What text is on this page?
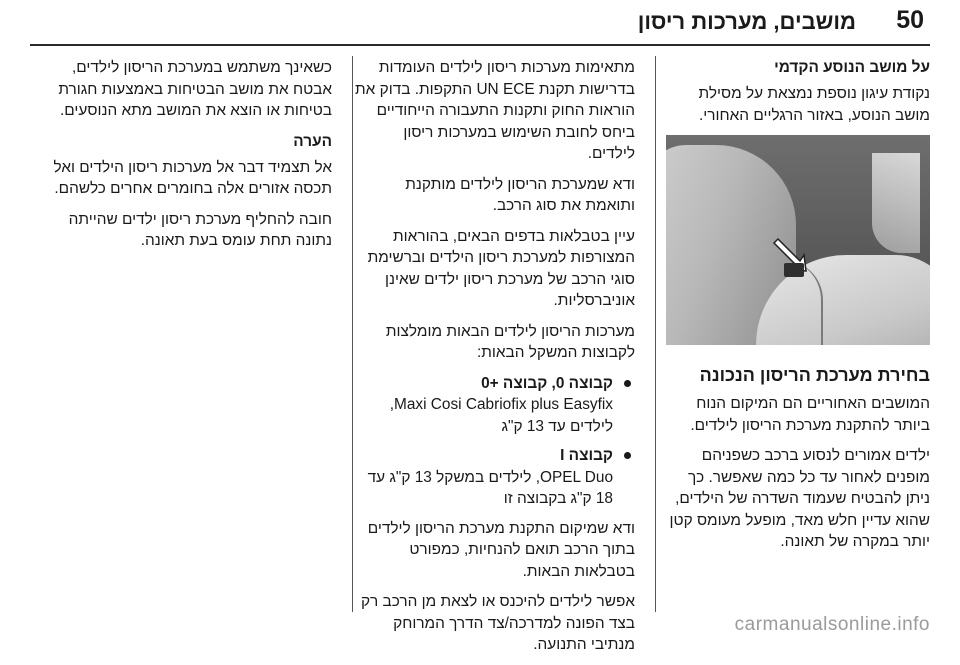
50
מושבים, מערכות ריסון
על מושב הנוסע הקדמי

נקודת עיגון נוספת נמצאת על מסילת מושב הנוסע, באזור הרגליים האחורי.

בחירת מערכת הריסון הנכונה

המושבים האחוריים הם המיקום הנוח ביותר להתקנת מערכת הריסון לילדים.

ילדים אמורים לנסוע ברכב כשפניהם מופנים לאחור עד כל כמה שאפשר. כך ניתן להבטיח שעמוד השדרה של הילדים, שהוא עדיין חלש מאד, מופעל מעומס קטן יותר במקרה של תאונה.

מתאימות מערכות ריסון לילדים העומדות בדרישות תקנת UN ECE התקפות. בדוק את הוראות החוק ותקנות התעבורה הייחודיים ביחס לחובת השימוש במערכות ריסון לילדים.

ודא שמערכת הריסון לילדים מותקנת ותואמת את סוג הרכב.

עיין בטבלאות בדפים הבאים, בהוראות המצורפות למערכת ריסון הילדים וברשימת סוגי הרכב של מערכת ריסון ילדים שאינן אוניברסליות.

מערכות הריסון לילדים הבאות מומלצות לקבוצות המשקל הבאות:

קבוצה 0, קבוצה +0
Maxi Cosi Cabriofix plus Easyfix, לילדים עד 13 ק"ג
קבוצה I
OPEL Duo, לילדים במשקל 13 ק"ג עד 18 ק"ג בקבוצה זו

ודא שמיקום התקנת מערכת הריסון לילדים בתוך הרכב תואם להנחיות, כמפורט בטבלאות הבאות.

אפשר לילדים להיכנס או לצאת מן הרכב רק בצד הפונה למדרכה/צד הדרך המרוחק מנתיבי התנועה.

כשאינך משתמש במערכת הריסון לילדים, אבטח את מושב הבטיחות באמצעות חגורת בטיחות או הוצא את המושב מתא הנוסעים.

הערה

אל תצמיד דבר אל מערכות ריסון הילדים ואל תכסה אזורים אלה בחומרים אחרים כלשהם.

חובה להחליף מערכת ריסון ילדים שהייתה נתונה תחת עומס בעת תאונה.

carmanualsonline.info
